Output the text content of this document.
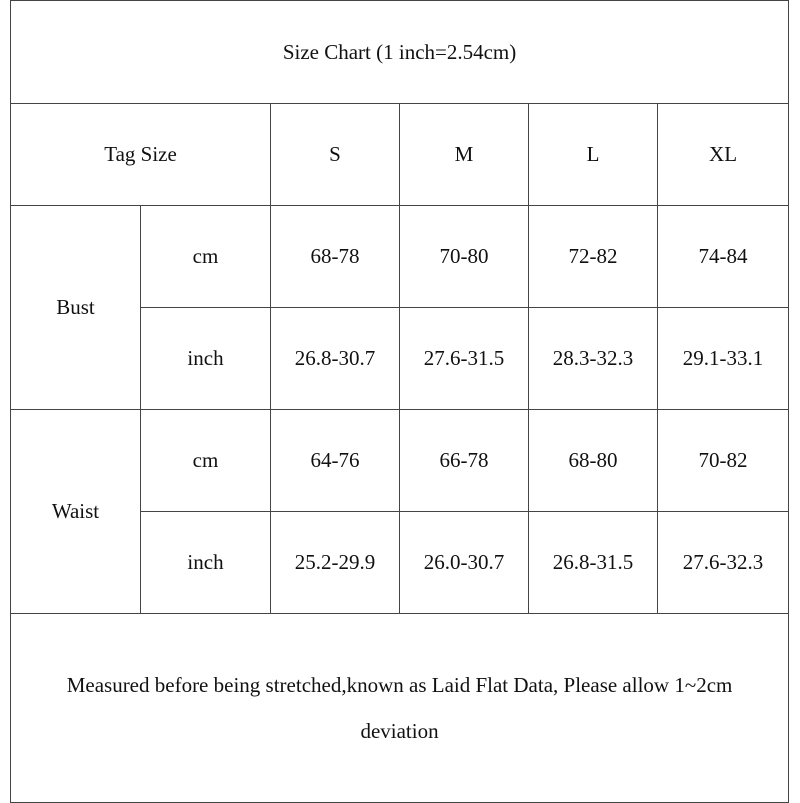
Size Chart (1 inch=2.54cm)					
Tag Size		S	M	L	XL
Bust	cm	68-78	70-80	72-82	74-84
	inch	26.8-30.7	27.6-31.5	28.3-32.3	29.1-33.1
Waist	cm	64-76	66-78	68-80	70-82
	inch	25.2-29.9	26.0-30.7	26.8-31.5	27.6-32.3

Measured before being stretched,known as Laid Flat Data, Please allow 1~2cm
deviation					
